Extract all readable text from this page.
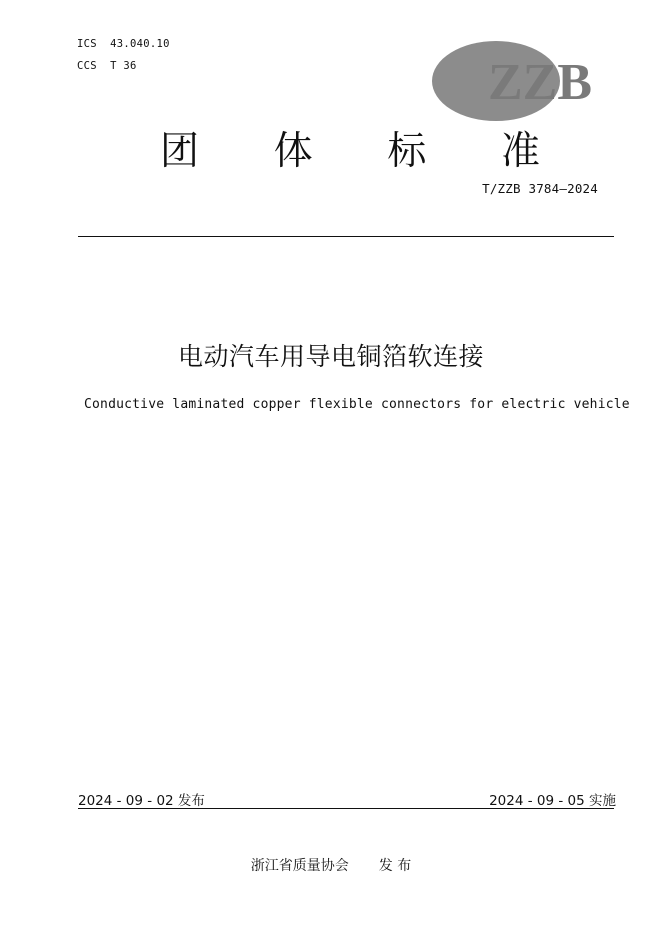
ICS  43.040.10
CCS  T 36	ZZB
团 体 标 准
T/ZZB 3784—2024
电动汽车用导电铜箔软连接
Conductive laminated copper flexible connectors for electric vehicle
2024 - 09 - 02 发布	2024 - 09 - 05 实施
浙江省质量协会 发 布
